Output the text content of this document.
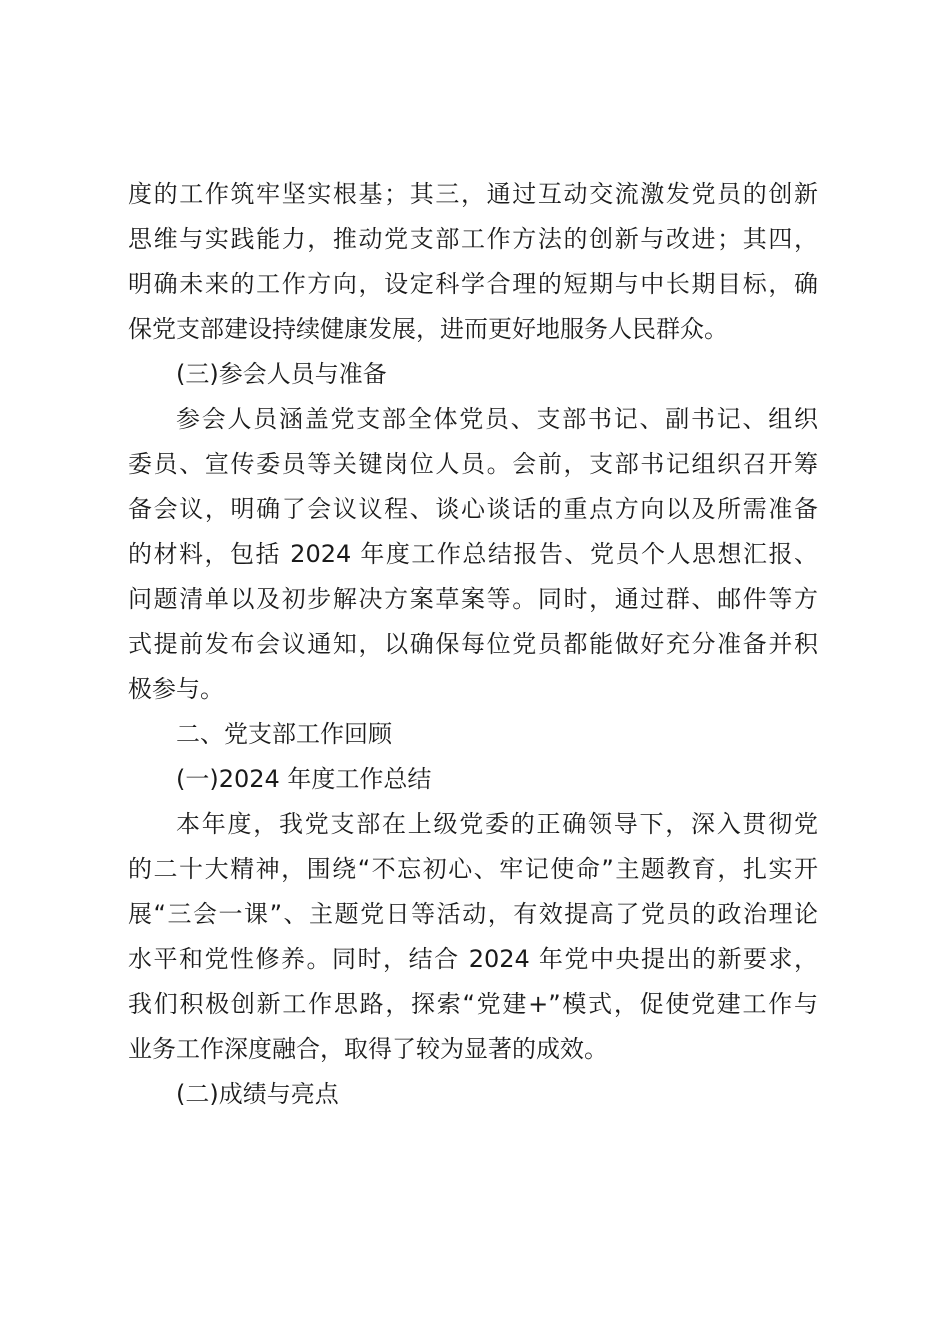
度的工作筑牢坚实根基；其三，通过互动交流激发党员的创新
思维与实践能力，推动党支部工作方法的创新与改进；其四，
明确未来的工作方向，设定科学合理的短期与中长期目标，确
保党支部建设持续健康发展，进而更好地服务人民群众。
(三)参会人员与准备
参会人员涵盖党支部全体党员、支部书记、副书记、组织
委员、宣传委员等关键岗位人员。会前，支部书记组织召开筹
备会议，明确了会议议程、谈心谈话的重点方向以及所需准备
的材料，包括 2024 年度工作总结报告、党员个人思想汇报、
问题清单以及初步解决方案草案等。同时，通过群、邮件等方
式提前发布会议通知，以确保每位党员都能做好充分准备并积
极参与。
二、党支部工作回顾
(一)2024 年度工作总结
本年度，我党支部在上级党委的正确领导下，深入贯彻党
的二十大精神，围绕“不忘初心、牢记使命”主题教育，扎实开
展“三会一课”、主题党日等活动，有效提高了党员的政治理论
水平和党性修养。同时，结合 2024 年党中央提出的新要求，
我们积极创新工作思路，探索“党建+”模式，促使党建工作与
业务工作深度融合，取得了较为显著的成效。
(二)成绩与亮点
